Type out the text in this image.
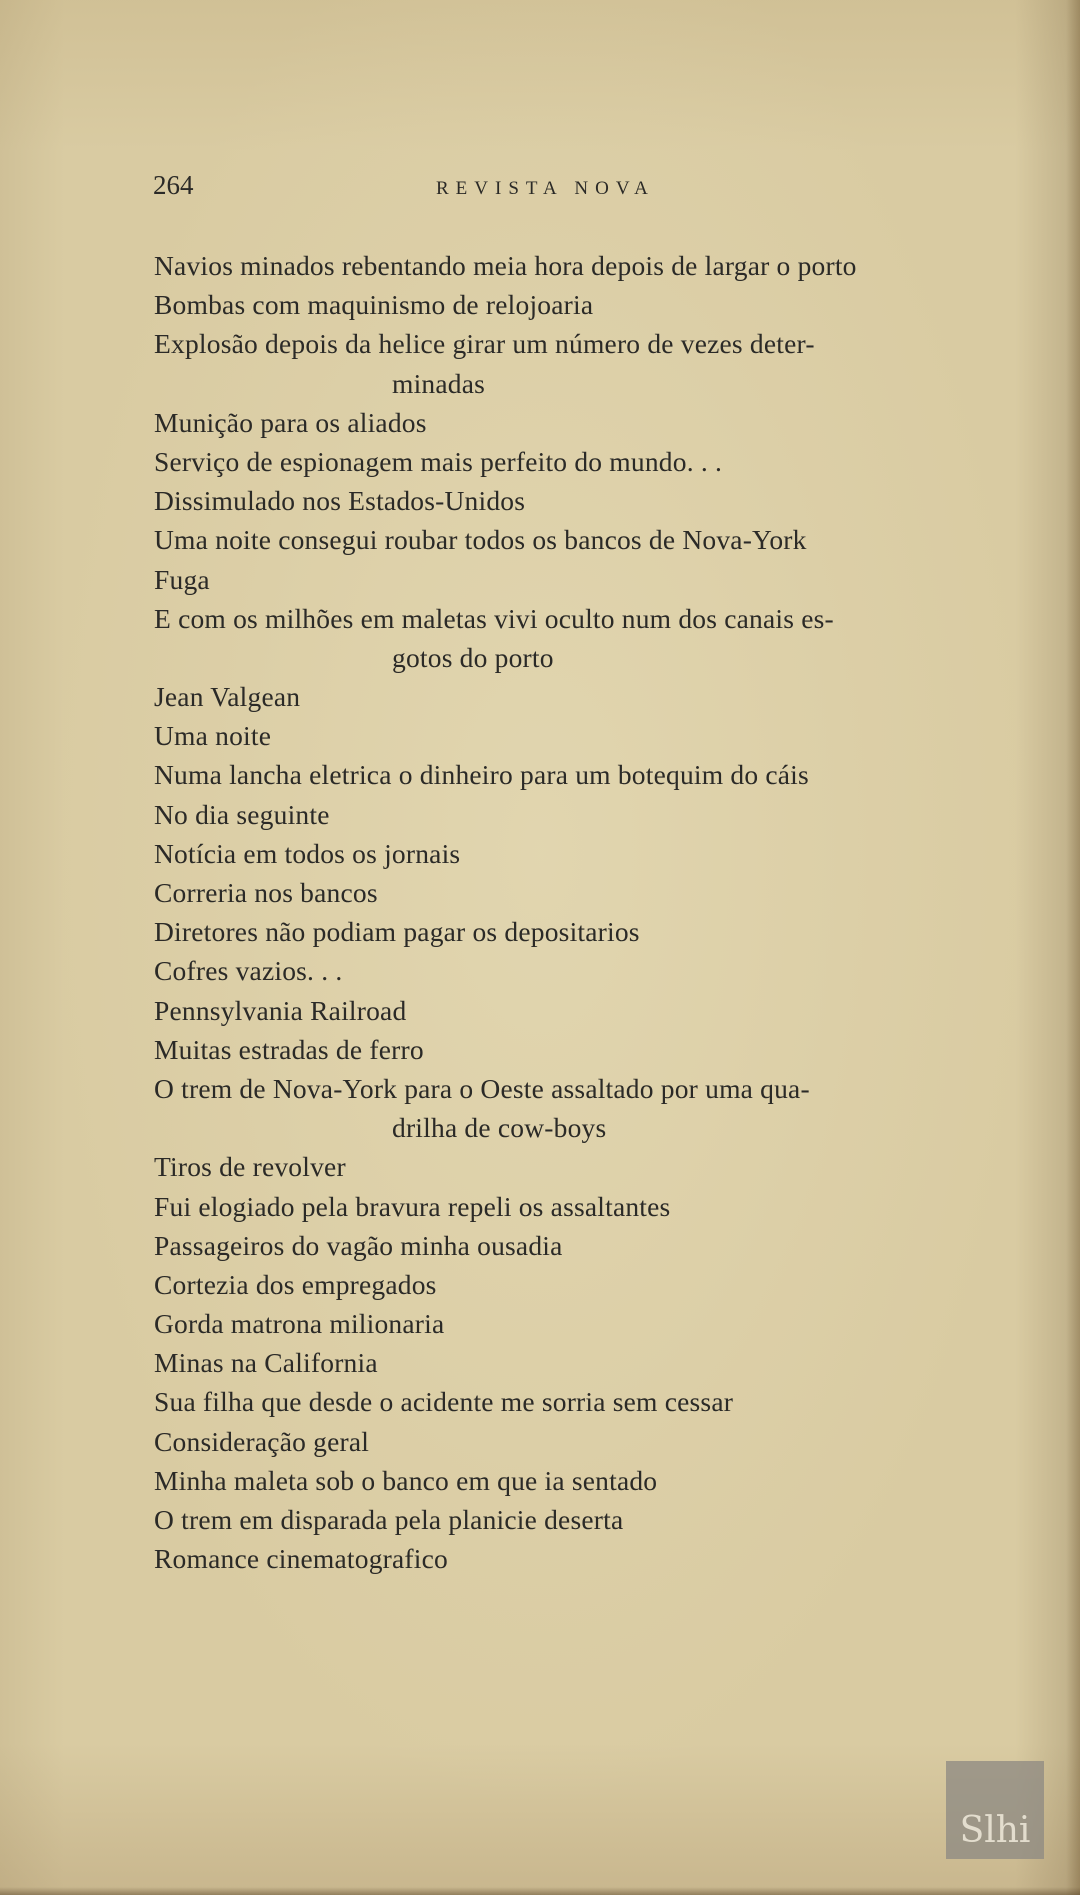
264	REVISTA NOVA
Navios minados rebentando meia hora depois de largar o porto
Bombas com maquinismo de relojoaria
Explosão depois da helice girar um número de vezes deter-
minadas
Munição para os aliados
Serviço de espionagem mais perfeito do mundo. . .
Dissimulado nos Estados-Unidos
Uma noite consegui roubar todos os bancos de Nova-York
Fuga
E com os milhões em maletas vivi oculto num dos canais es-
gotos do porto
Jean Valgean
Uma noite
Numa lancha eletrica o dinheiro para um botequim do cáis
No dia seguinte
Notícia em todos os jornais
Correria nos bancos
Diretores não podiam pagar os depositarios
Cofres vazios. . .
Pennsylvania Railroad
Muitas estradas de ferro
O trem de Nova-York para o Oeste assaltado por uma qua-
drilha de cow-boys
Tiros de revolver
Fui elogiado pela bravura repeli os assaltantes
Passageiros do vagão minha ousadia
Cortezia dos empregados
Gorda matrona milionaria
Minas na California
Sua filha que desde o acidente me sorria sem cessar
Consideração geral
Minha maleta sob o banco em que ia sentado
O trem em disparada pela planicie deserta
Romance cinematografico
Slhi
